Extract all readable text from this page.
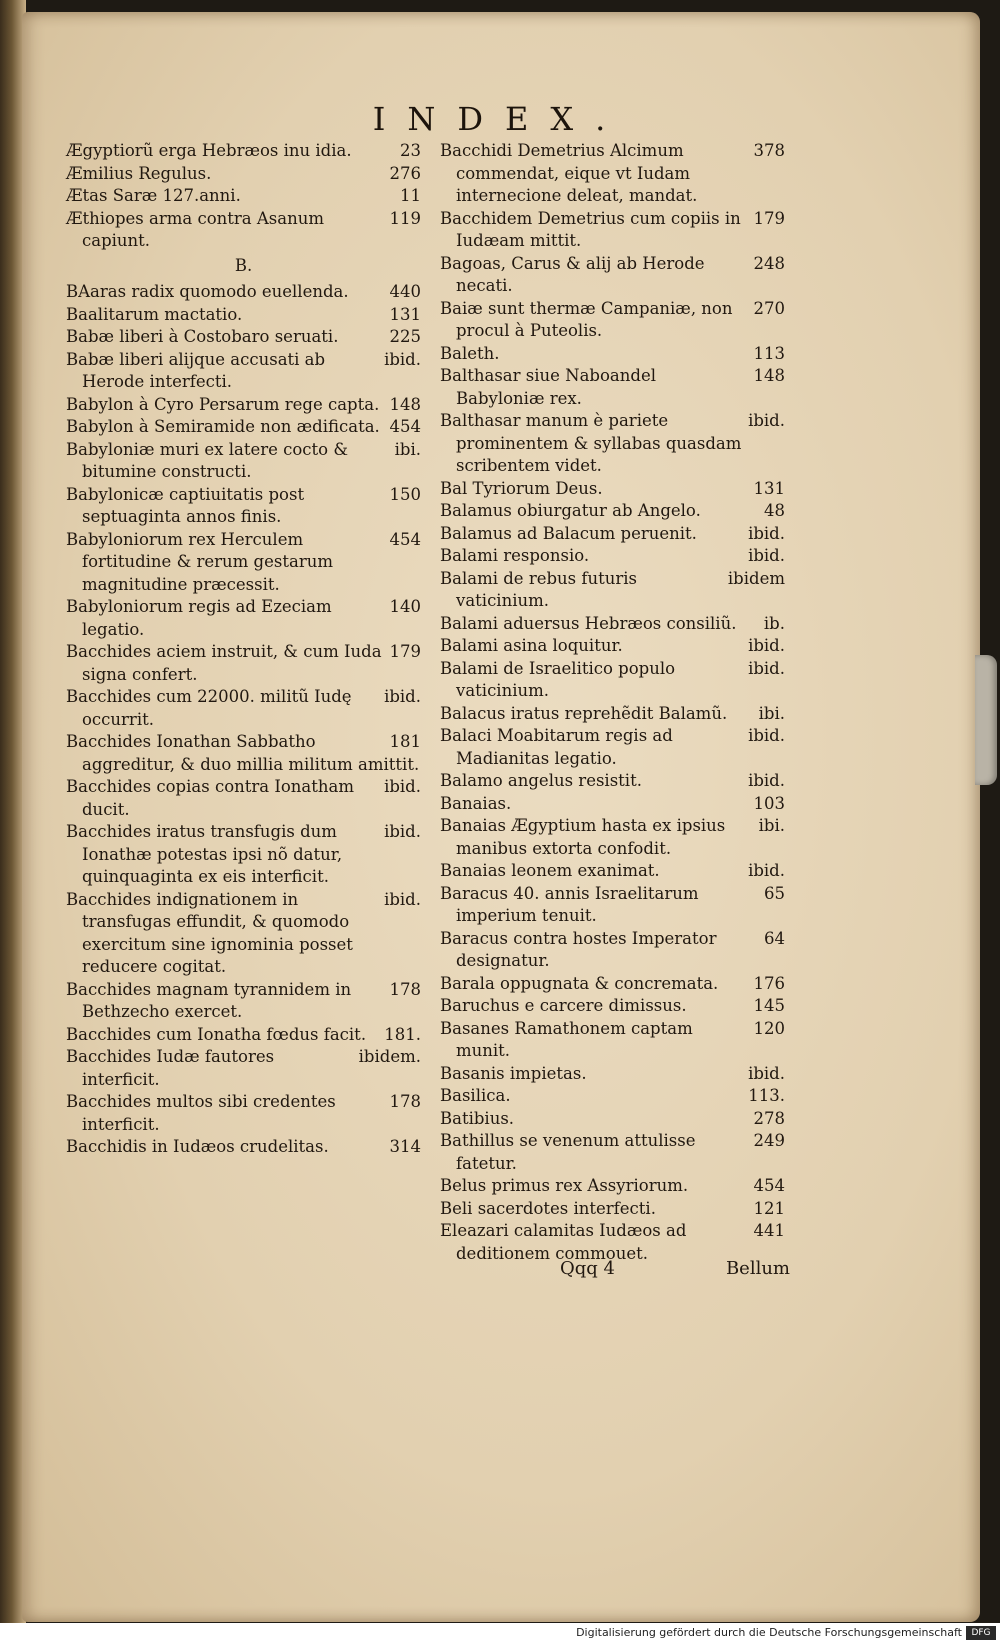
INDEX.

23
Ægyptiorũ erga Hebræos inu idia.

276
Æmilius Regulus.

11
Ætas Saræ 127.anni.

119
Æthiopes arma contra Asanum capiunt.

B.

440
BAaras radix quomodo euellenda.

131
Baalitarum mactatio.

225
Babæ liberi à Costobaro seruati.

ibid.
Babæ liberi alijque accusati ab Herode interfecti.

148
Babylon à Cyro Persarum rege capta.

454
Babylon à Semiramide non ædificata.

ibi.
Babyloniæ muri ex latere cocto & bitumine constructi.

150
Babylonicæ captiuitatis post septuaginta annos finis.

454
Babyloniorum rex Herculem fortitudine & rerum gestarum magnitudine præcessit.

140
Babyloniorum regis ad Ezeciam legatio.

179
Bacchides aciem instruit, & cum Iuda signa confert.

ibid.
Bacchides cum 22000. militũ Iudę occurrit.

181
Bacchides Ionathan Sabbatho aggreditur, & duo millia militum amittit.

ibid.
Bacchides copias contra Ionatham ducit.

ibid.
Bacchides iratus transfugis dum Ionathæ potestas ipsi nõ datur, quinquaginta ex eis interficit.

ibid.
Bacchides indignationem in transfugas effundit, & quomodo exercitum sine ignominia posset reducere cogitat.

178
Bacchides magnam tyrannidem in Bethzecho exercet.

181.
Bacchides cum Ionatha fœdus facit.

ibidem.
Bacchides Iudæ fautores interficit.

178
Bacchides multos sibi credentes interficit.

314
Bacchidis in Iudæos crudelitas.

378
Bacchidi Demetrius Alcimum commendat, eique vt Iudam internecione deleat, mandat.

179
Bacchidem Demetrius cum copiis in Iudæam mittit.

248
Bagoas, Carus & alij ab Herode necati.

270
Baiæ sunt thermæ Campaniæ, non procul à Puteolis.

113
Baleth.

148
Balthasar siue Naboandel Babyloniæ rex.

ibid.
Balthasar manum è pariete prominentem & syllabas quasdam scribentem videt.

131
Bal Tyriorum Deus.

48
Balamus obiurgatur ab Angelo.

ibid.
Balamus ad Balacum peruenit.

ibid.
Balami responsio.

ibidem
Balami de rebus futuris vaticinium.

ib.
Balami aduersus Hebræos consiliũ.

ibid.
Balami asina loquitur.

ibid.
Balami de Israelitico populo vaticinium.

ibi.
Balacus iratus reprehẽdit Balamũ.

ibid.
Balaci Moabitarum regis ad Madianitas legatio.

ibid.
Balamo angelus resistit.

103
Banaias.

ibi.
Banaias Ægyptium hasta ex ipsius manibus extorta confodit.

ibid.
Banaias leonem exanimat.

65
Baracus 40. annis Israelitarum imperium tenuit.

64
Baracus contra hostes Imperator designatur.

176
Barala oppugnata & concremata.

145
Baruchus e carcere dimissus.

120
Basanes Ramathonem captam munit.

ibid.
Basanis impietas.

113.
Basilica.

278
Batibius.

249
Bathillus se venenum attulisse fatetur.

454
Belus primus rex Assyriorum.

121
Beli sacerdotes interfecti.

441
Eleazari calamitas Iudæos ad deditionem commouet.

Qqq 4	Bellum
Digitalisierung gefördert durch die Deutsche Forschungsgemeinschaft	DFG
